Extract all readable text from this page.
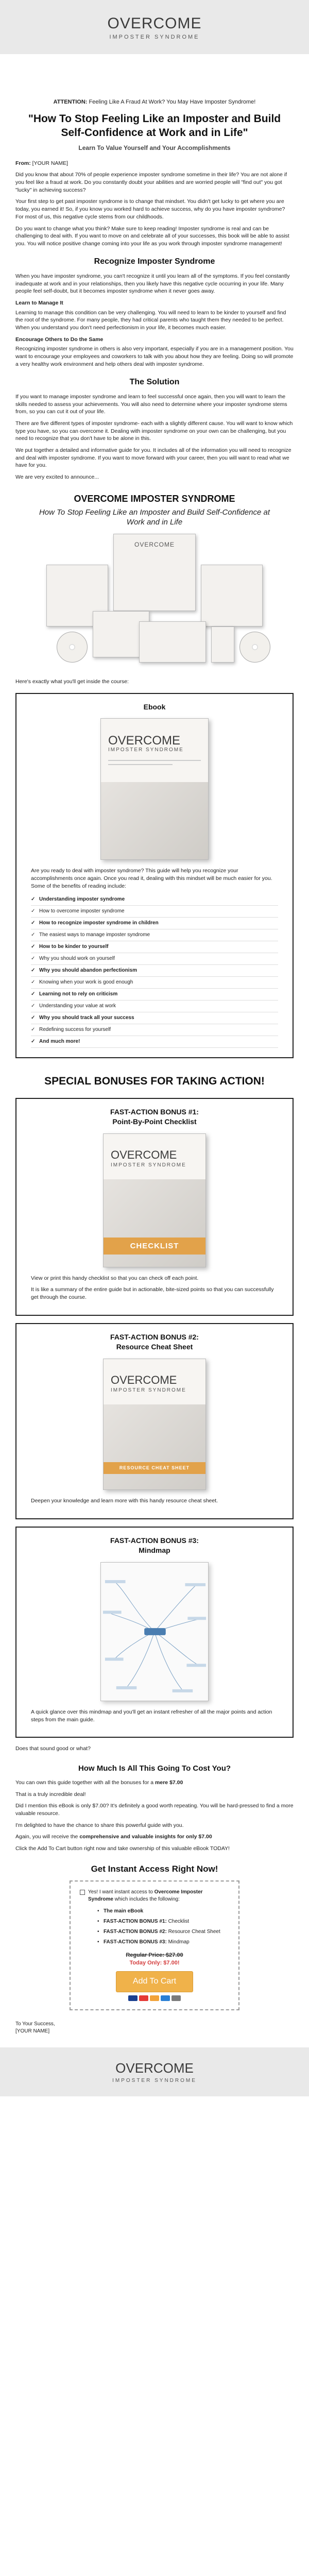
OVERCOME
IMPOSTER SYNDROME
ATTENTION: Feeling Like A Fraud At Work? You May Have Imposter Syndrome!
"How To Stop Feeling Like an Imposter and Build Self-Confidence at Work and in Life"
Learn To Value Yourself and Your Accomplishments

From: [YOUR NAME]

Did you know that about 70% of people experience imposter syndrome sometime in their life? You are not alone if you feel like a fraud at work. Do you constantly doubt your abilities and are worried people will "find out" you got "lucky" in achieving success?

Your first step to get past imposter syndrome is to change that mindset. You didn't get lucky to get where you are today, you earned it! So, if you know you worked hard to achieve success, why do you have imposter syndrome? For most of us, this negative cycle stems from our childhoods.

Do you want to change what you think? Make sure to keep reading! Imposter syndrome is real and can be challenging to deal with. If you want to move on and celebrate all of your successes, this book will be able to assist you. You will notice positive change coming into your life as you work through imposter syndrome management!

Recognize Imposter Syndrome

When you have imposter syndrome, you can't recognize it until you learn all of the symptoms. If you feel constantly inadequate at work and in your relationships, then you likely have this negative cycle occurring in your life. Many people feel self-doubt, but it becomes imposter syndrome when it never goes away.

Learn to Manage It

Learning to manage this condition can be very challenging. You will need to learn to be kinder to yourself and find the root of the syndrome. For many people, they had critical parents who taught them they needed to be perfect. When you understand you don't need perfectionism in your life, it becomes much easier.

Encourage Others to Do the Same

Recognizing imposter syndrome in others is also very important, especially if you are in a management position. You want to encourage your employees and coworkers to talk with you about how they are feeling. Doing so will promote a very healthy work environment and help others deal with imposter syndrome.

The Solution

If you want to manage imposter syndrome and learn to feel successful once again, then you will want to learn the skills needed to assess your achievements. You will also need to determine where your imposter syndrome stems from, so you can cut it out of your life.

There are five different types of imposter syndrome- each with a slightly different cause. You will want to know which type you have, so you can overcome it. Dealing with imposter syndrome on your own can be challenging, but you need to recognize that you don't have to be alone in this.

We put together a detailed and informative guide for you. It includes all of the information you will need to recognize and deal with imposter syndrome. If you want to move forward with your career, then you will want to read what we have for you.

We are very excited to announce...

OVERCOME IMPOSTER SYNDROME
How To Stop Feeling Like an Imposter and Build Self-Confidence at Work and in Life
OVERCOME

Here's exactly what you'll get inside the course:

Ebook
OVERCOME
IMPOSTER SYNDROME

Are you ready to deal with imposter syndrome? This guide will help you recognize your accomplishments once again. Once you read it, dealing with this mindset will be much easier for you. Some of the benefits of reading include:

✓ Understanding imposter syndrome
✓ How to overcome imposter syndrome
✓ How to recognize imposter syndrome in children
✓ The easiest ways to manage imposter syndrome
✓ How to be kinder to yourself
✓ Why you should work on yourself
✓ Why you should abandon perfectionism
✓ Knowing when your work is good enough
✓ Learning not to rely on criticism
✓ Understanding your value at work
✓ Why you should track all your success
✓ Redefining success for yourself
✓ And much more!
SPECIAL BONUSES FOR TAKING ACTION!
FAST-ACTION BONUS #1:
Point-By-Point Checklist
OVERCOME
IMPOSTER SYNDROME
CHECKLIST

View or print this handy checklist so that you can check off each point.

It is like a summary of the entire guide but in actionable, bite-sized points so that you can successfully get through the course.

FAST-ACTION BONUS #2:
Resource Cheat Sheet
OVERCOME
IMPOSTER SYNDROME
RESOURCE CHEAT SHEET

Deepen your knowledge and learn more with this handy resource cheat sheet.

FAST-ACTION BONUS #3:
Mindmap

A quick glance over this mindmap and you'll get an instant refresher of all the major points and action steps from the main guide.

Does that sound good or what?

How Much Is All This Going To Cost You?

You can own this guide together with all the bonuses for a mere $7.00

That is a truly incredible deal!

Did I mention this eBook is only $7.00? It's definitely a good worth repeating. You will be hard-pressed to find a more valuable resource.

I'm delighted to have the chance to share this powerful guide with you.

Again, you will receive the comprehensive and valuable insights for only $7.00

Click the Add To Cart button right now and take ownership of this valuable eBook TODAY!

Get Instant Access Right Now!
Yes! I want instant access to Overcome Imposter Syndrome which includes the following:
• The main eBook
• FAST-ACTION BONUS #1: Checklist
• FAST-ACTION BONUS #2: Resource Cheat Sheet
• FAST-ACTION BONUS #3: Mindmap
Regular Price: $27.00
Today Only: $7.00!
Add To Cart
To Your Success,
[YOUR NAME]
OVERCOME
IMPOSTER SYNDROME
